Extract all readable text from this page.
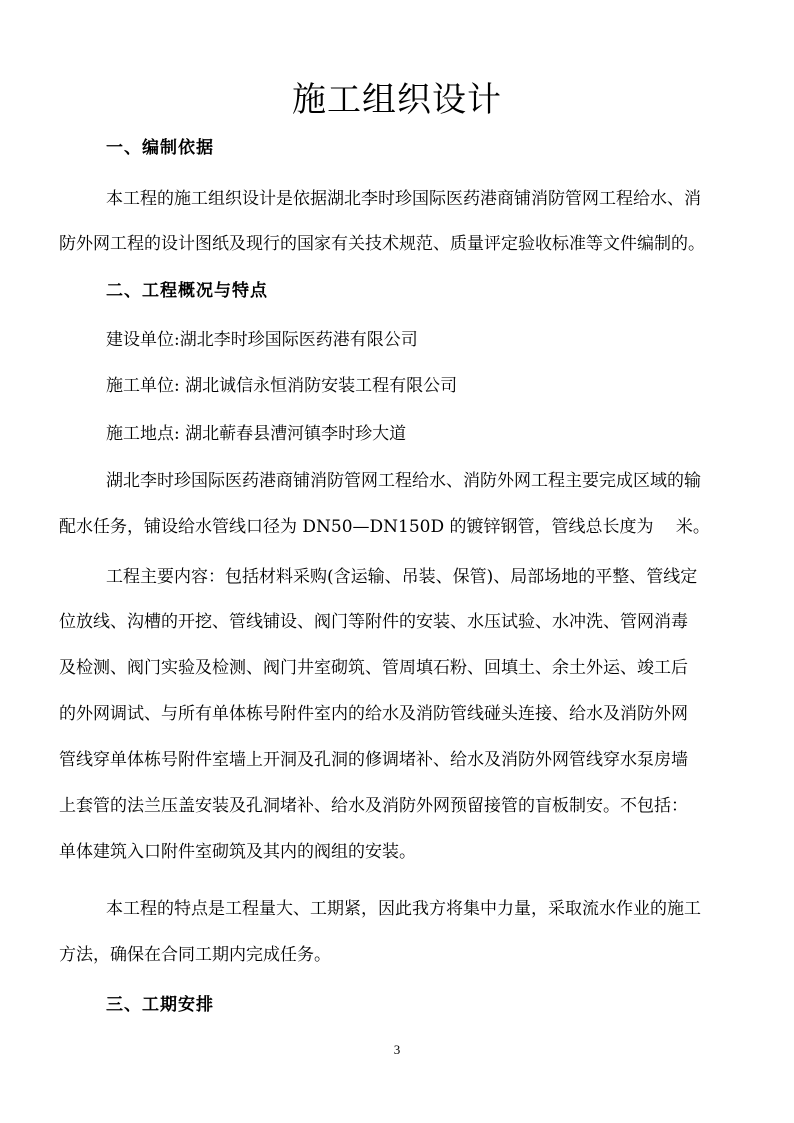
施工组织设计
一、编制依据
本工程的施工组织设计是依据湖北李时珍国际医药港商铺消防管网工程给水、消
防外网工程的设计图纸及现行的国家有关技术规范、质量评定验收标准等文件编制的。
二、工程概况与特点
建设单位:湖北李时珍国际医药港有限公司
施工单位: 湖北诚信永恒消防安装工程有限公司
施工地点: 湖北蕲春县漕河镇李时珍大道
湖北李时珍国际医药港商铺消防管网工程给水、消防外网工程主要完成区域的输
配水任务，铺设给水管线口径为 DN50—DN150D 的镀锌钢管，管线总长度为 　米。
工程主要内容：包括材料采购(含运输、吊装、保管)、局部场地的平整、管线定
位放线、沟槽的开挖、管线铺设、阀门等附件的安装、水压试验、水冲洗、管网消毒
及检测、阀门实验及检测、阀门井室砌筑、管周填石粉、回填土、余土外运、竣工后
的外网调试、与所有单体栋号附件室内的给水及消防管线碰头连接、给水及消防外网
管线穿单体栋号附件室墙上开洞及孔洞的修调堵补、给水及消防外网管线穿水泵房墙
上套管的法兰压盖安装及孔洞堵补、给水及消防外网预留接管的盲板制安。不包括：
单体建筑入口附件室砌筑及其内的阀组的安装。
本工程的特点是工程量大、工期紧，因此我方将集中力量，采取流水作业的施工
方法，确保在合同工期内完成任务。
三、工期安排
3
